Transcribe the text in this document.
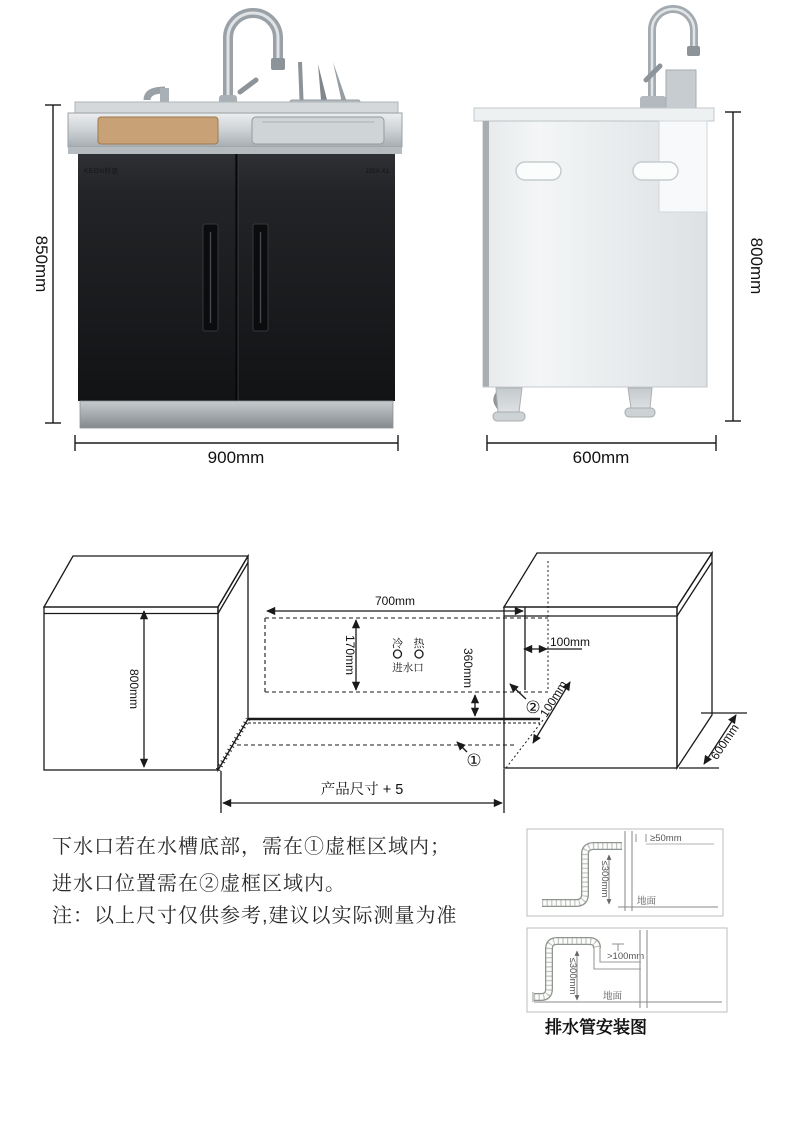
KEON科恩	JJSX-X1
850mm
900mm
800mm
600mm
700mm
800mm
170mm	360mm
100mm
100mm
600mm
产品尺寸 + 5
冷 热
进水口
②
①
下水口若在水槽底部，需在①虚框区域内；
进水口位置需在②虚框区域内。
注：以上尺寸仅供参考,建议以实际测量为准
≥50mm
≤300mm
地面
>100mm
≤300mm
地面
排水管安装图
